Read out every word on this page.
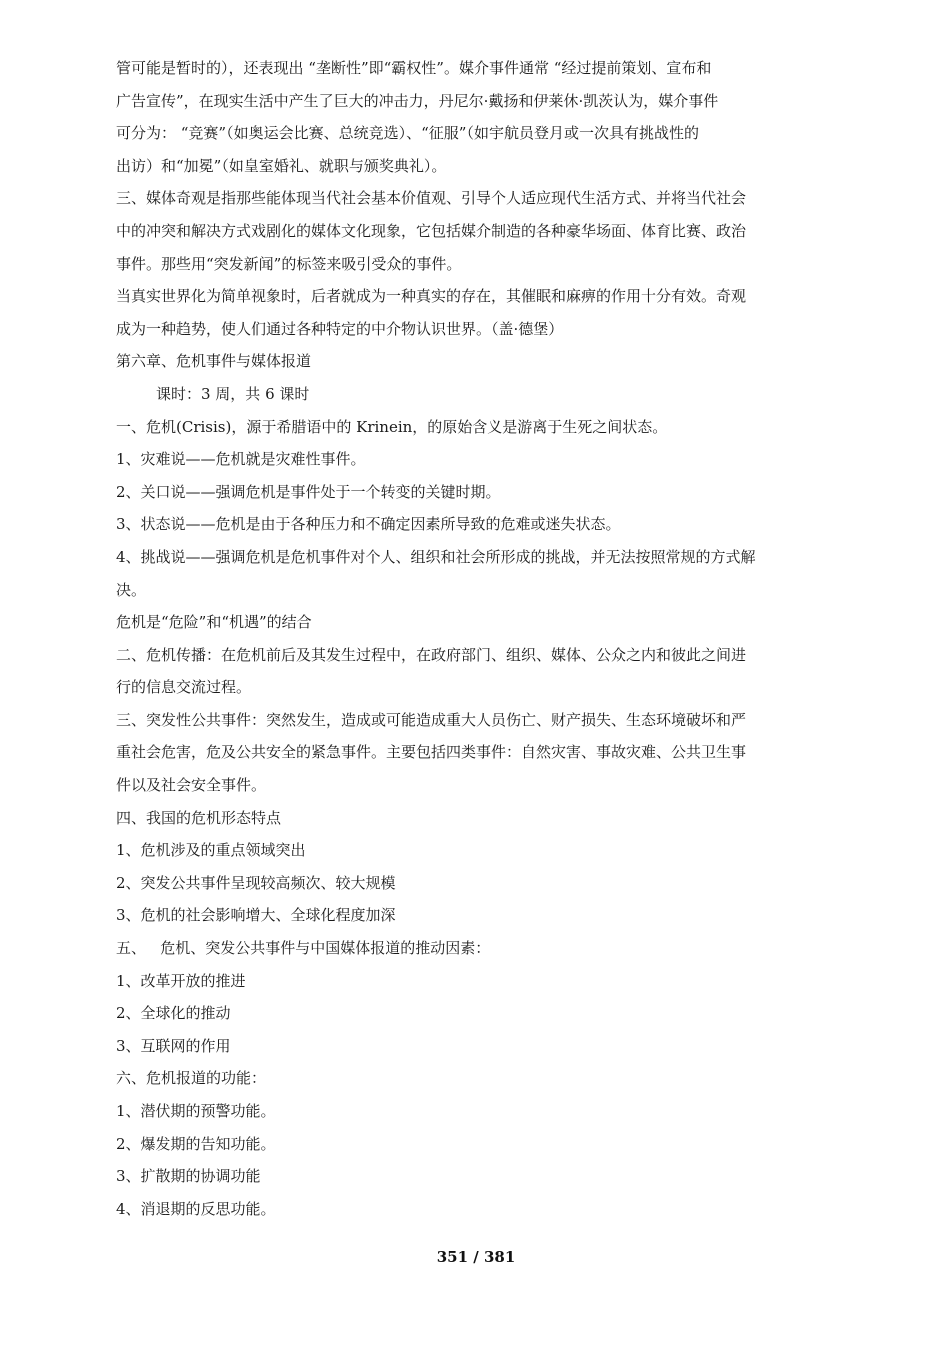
管可能是暂时的），还表现出 “垄断性”即“霸权性”。媒介事件通常 “经过提前策划、宣布和

广告宣传”，在现实生活中产生了巨大的冲击力，丹尼尔·戴扬和伊莱休·凯茨认为，媒介事件

可分为： “竞赛”（如奥运会比赛、总统竞选）、“征服”（如宇航员登月或一次具有挑战性的

出访）和“加冕”（如皇室婚礼、就职与颁奖典礼）。

三、媒体奇观是指那些能体现当代社会基本价值观、引导个人适应现代生活方式、并将当代社会

中的冲突和解决方式戏剧化的媒体文化现象，它包括媒介制造的各种豪华场面、体育比赛、政治

事件。那些用“突发新闻”的标签来吸引受众的事件。

当真实世界化为简单视象时，后者就成为一种真实的存在，其催眠和麻痹的作用十分有效。奇观

成为一种趋势，使人们通过各种特定的中介物认识世界。（盖·德堡）

第六章、危机事件与媒体报道

课时：3 周，共 6 课时

一、危机(Crisis)，源于希腊语中的 Krinein，的原始含义是游离于生死之间状态。

1、灾难说——危机就是灾难性事件。

2、关口说——强调危机是事件处于一个转变的关键时期。

3、状态说——危机是由于各种压力和不确定因素所导致的危难或迷失状态。

4、挑战说——强调危机是危机事件对个人、组织和社会所形成的挑战，并无法按照常规的方式解

决。

危机是“危险”和“机遇”的结合

二、危机传播：在危机前后及其发生过程中，在政府部门、组织、媒体、公众之内和彼此之间进

行的信息交流过程。

三、突发性公共事件：突然发生，造成或可能造成重大人员伤亡、财产损失、生态环境破坏和严

重社会危害，危及公共安全的紧急事件。主要包括四类事件：自然灾害、事故灾难、公共卫生事

件以及社会安全事件。

四、我国的危机形态特点

1、危机涉及的重点领域突出

2、突发公共事件呈现较高频次、较大规模

3、危机的社会影响增大、全球化程度加深

五、   危机、突发公共事件与中国媒体报道的推动因素：

1、改革开放的推进

2、全球化的推动

3、互联网的作用

六、危机报道的功能：

1、潜伏期的预警功能。

2、爆发期的告知功能。

3、扩散期的协调功能

4、消退期的反思功能。

351 / 381
